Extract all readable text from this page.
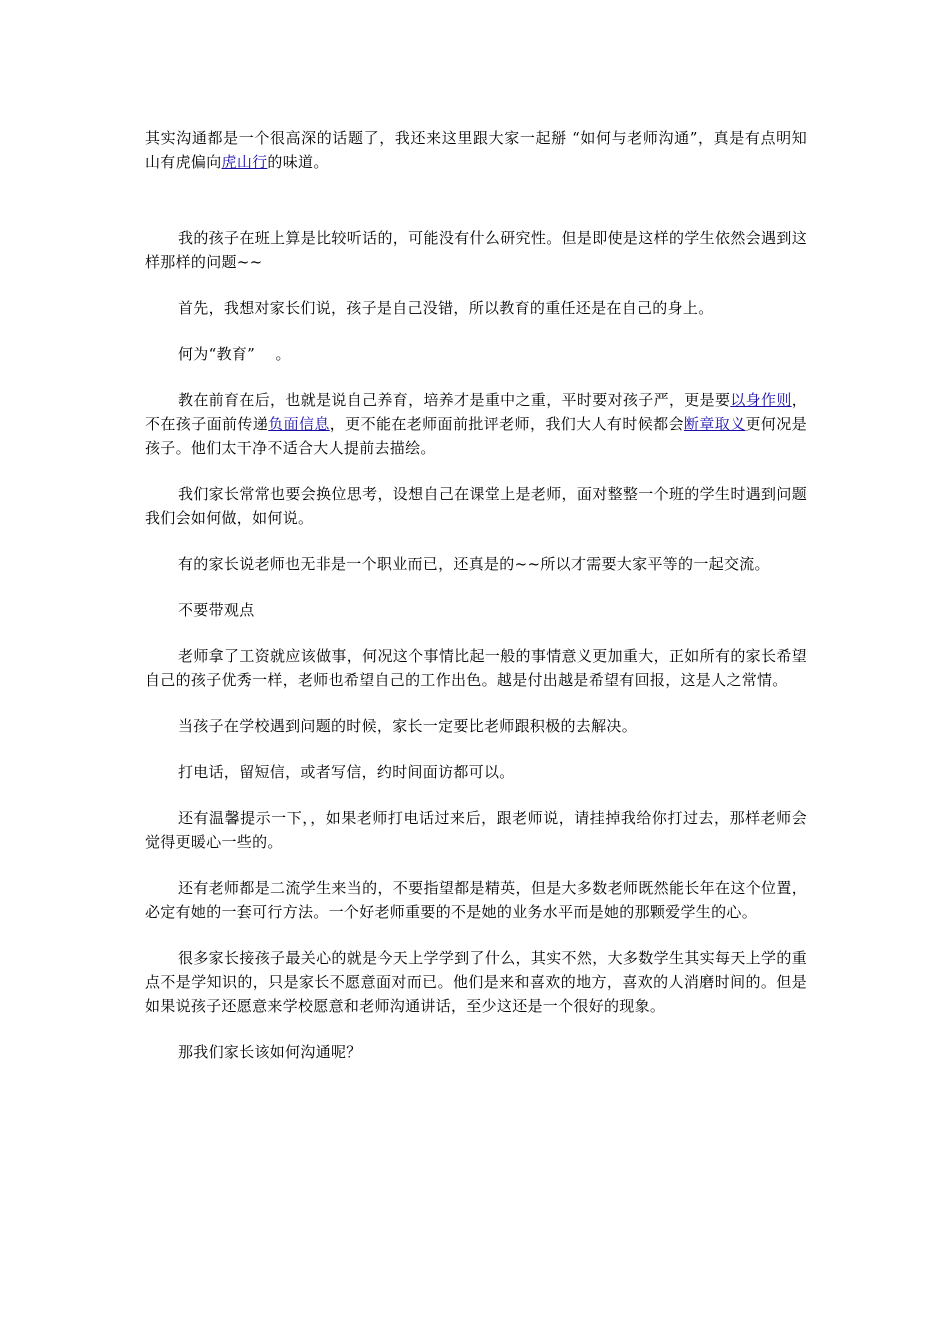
其实沟通都是一个很高深的话题了，我还来这里跟大家一起掰 “如何与老师沟通”，真是有点明知山有虎偏向虎山行的味道。

我的孩子在班上算是比较听话的，可能没有什么研究性。但是即使是这样的学生依然会遇到这样那样的问题~~

首先，我想对家长们说，孩子是自己没错，所以教育的重任还是在自己的身上。

何为“教育”　 。

教在前育在后，也就是说自己养育，培养才是重中之重，平时要对孩子严，更是要以身作则，不在孩子面前传递负面信息，更不能在老师面前批评老师，我们大人有时候都会断章取义更何况是孩子。他们太干净不适合大人提前去描绘。

我们家长常常也要会换位思考，设想自己在课堂上是老师，面对整整一个班的学生时遇到问题我们会如何做，如何说。

有的家长说老师也无非是一个职业而已，还真是的~~所以才需要大家平等的一起交流。

不要带观点

老师拿了工资就应该做事，何况这个事情比起一般的事情意义更加重大，正如所有的家长希望自己的孩子优秀一样，老师也希望自己的工作出色。越是付出越是希望有回报，这是人之常情。

当孩子在学校遇到问题的时候，家长一定要比老师跟积极的去解决。

打电话，留短信，或者写信，约时间面访都可以。

还有温馨提示一下，，如果老师打电话过来后，跟老师说，请挂掉我给你打过去，那样老师会觉得更暖心一些的。

还有老师都是二流学生来当的，不要指望都是精英，但是大多数老师既然能长年在这个位置，必定有她的一套可行方法。一个好老师重要的不是她的业务水平而是她的那颗爱学生的心。

很多家长接孩子最关心的就是今天上学学到了什么，其实不然，大多数学生其实每天上学的重点不是学知识的，只是家长不愿意面对而已。他们是来和喜欢的地方，喜欢的人消磨时间的。但是如果说孩子还愿意来学校愿意和老师沟通讲话，至少这还是一个很好的现象。

那我们家长该如何沟通呢？
